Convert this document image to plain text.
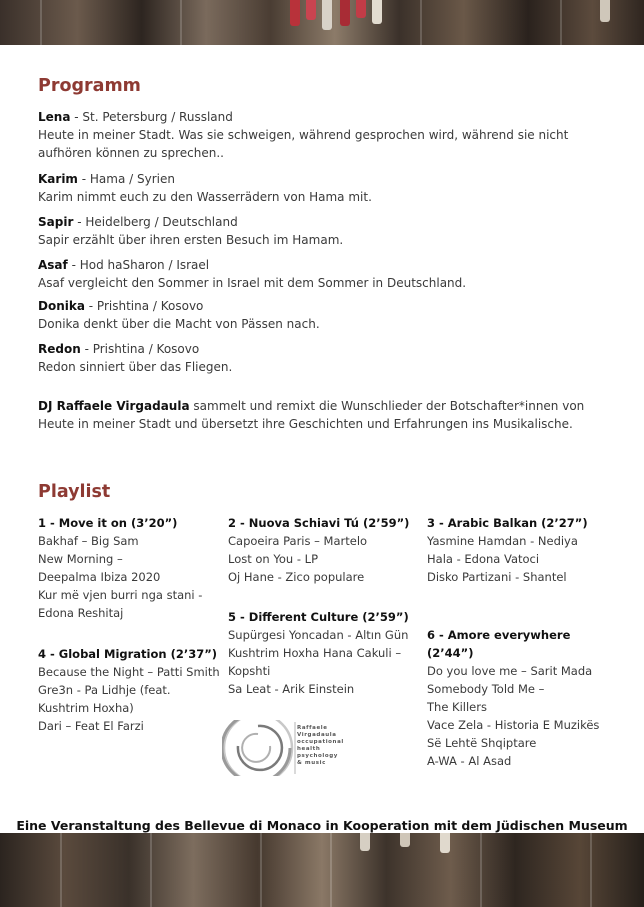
Programm
Lena - St. Petersburg / Russland
Heute in meiner Stadt. Was sie schweigen, während gesprochen wird, während sie nicht aufhören können zu sprechen..
Karim - Hama / Syrien
Karim nimmt euch zu den Wasserrädern von Hama mit.
Sapir - Heidelberg / Deutschland
Sapir erzählt über ihren ersten Besuch im Hamam.
Asaf - Hod haSharon / Israel
Asaf vergleicht den Sommer in Israel mit dem Sommer in Deutschland.
Donika - Prishtina / Kosovo
Donika denkt über die Macht von Pässen nach.
Redon - Prishtina / Kosovo
Redon sinniert über das Fliegen.
DJ Raffaele Virgadaula sammelt und remixt die Wunschlieder der Botschafter*innen von Heute in meiner Stadt und übersetzt ihre Geschichten und Erfahrungen ins Musikalische.
Playlist
1 - Move it on (3’20”)
Bakhaf – Big Sam
New Morning –
Deepalma Ibiza 2020
Kur më vjen burri nga stani -
Edona Reshitaj
2 - Nuova Schiavi Tú (2’59”)
Capoeira Paris – Martelo
Lost on You - LP
Oj Hane - Zico populare
3 - Arabic Balkan (2’27”)
Yasmine Hamdan - Nediya
Hala - Edona Vatoci
Disko Partizani - Shantel
4 - Global Migration (2’37”)
Because the Night – Patti Smith
Gre3n - Pa Lidhje (feat.
Kushtrim Hoxha)
Dari – Feat El Farzi
5 - Different Culture (2’59”)
Supürgesi Yoncadan - Altın Gün
Kushtrim Hoxha Hana Cakuli –
Kopshti
Sa Leat - Arik Einstein
6 - Amore everywhere
(2’44”)
Do you love me – Sarit Mada
Somebody Told Me –
The Killers
Vace Zela - Historia E Muzikës
Së Lehtë Shqiptare
A-WA - Al Asad
Raffaele
Virgadaula
occupational
health
psychology
& music
Eine Veranstaltung des Bellevue di Monaco in Kooperation mit dem Jüdischen Museum
